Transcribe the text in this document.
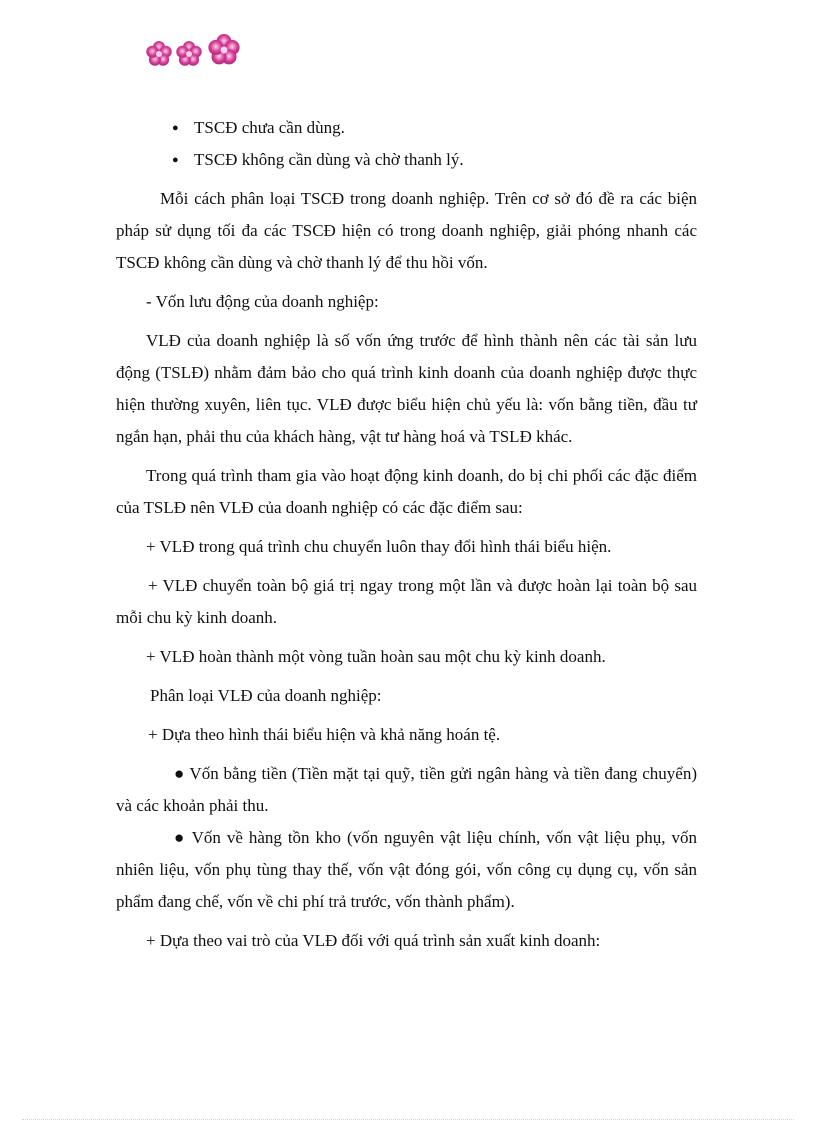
● TSCĐ chưa cần dùng.
● TSCĐ không cần dùng và chờ thanh lý.

Mỗi cách phân loại TSCĐ trong doanh nghiệp. Trên cơ sở đó đề ra các biện pháp sử dụng tối đa các TSCĐ hiện có trong doanh nghiệp, giải phóng nhanh các TSCĐ không cần dùng và chờ thanh lý để thu hồi vốn.

- Vốn lưu động của doanh nghiệp:

VLĐ của doanh nghiệp là số vốn ứng trước để hình thành nên các tài sản lưu động (TSLĐ) nhằm đảm bảo cho quá trình kinh doanh của doanh nghiệp được thực hiện thường xuyên, liên tục. VLĐ được biểu hiện chủ yếu là: vốn bằng tiền, đầu tư ngắn hạn, phải thu của khách hàng, vật tư hàng hoá và TSLĐ khác.

Trong quá trình tham gia vào hoạt động kinh doanh, do bị chi phối các đặc điểm của TSLĐ nên VLĐ của doanh nghiệp có các đặc điểm sau:

+ VLĐ trong quá trình chu chuyển luôn thay đổi hình thái biểu hiện.

+ VLĐ chuyển toàn bộ giá trị ngay trong một lần và được hoàn lại toàn bộ sau mỗi chu kỳ kinh doanh.

+ VLĐ hoàn thành một vòng tuần hoàn sau một chu kỳ kinh doanh.

Phân loại VLĐ của doanh nghiệp:

+ Dựa theo hình thái biểu hiện và khả năng hoán tệ.

● Vốn bằng tiền (Tiền mặt tại quỹ, tiền gửi ngân hàng và tiền đang chuyển) và các khoản phải thu.

● Vốn về hàng tồn kho (vốn nguyên vật liệu chính, vốn vật liệu phụ, vốn nhiên liệu, vốn phụ tùng thay thế, vốn vật đóng gói, vốn công cụ dụng cụ, vốn sản phẩm đang chế, vốn về chi phí trả trước, vốn thành phẩm).

+ Dựa theo vai trò của VLĐ đối với quá trình sản xuất kinh doanh:
